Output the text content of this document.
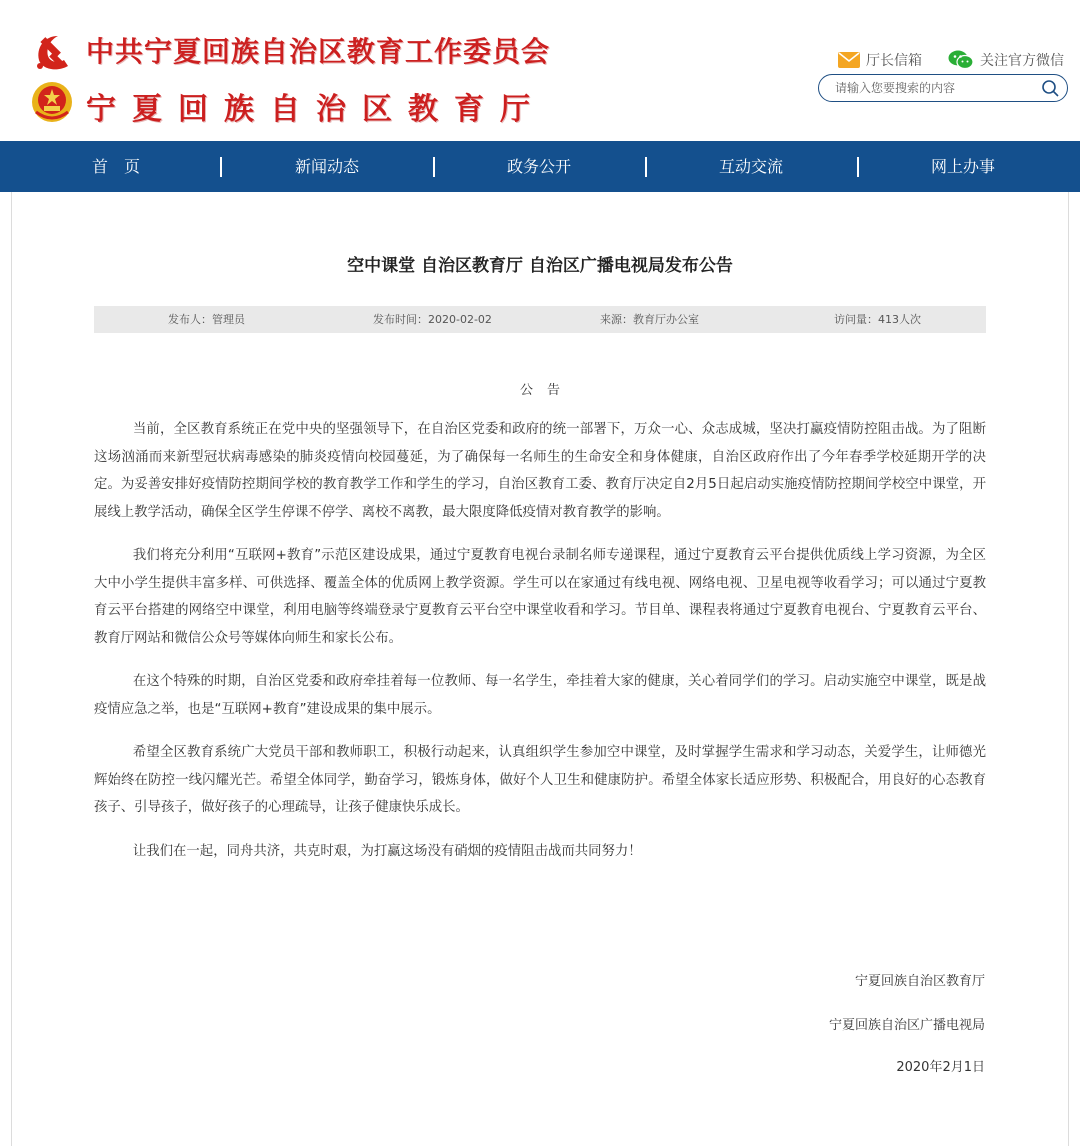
中共宁夏回族自治区教育工作委员会
宁夏回族自治区教育厅
厅长信箱	关注官方微信
请输入您要搜索的内容
首　页	新闻动态	政务公开	互动交流	网上办事
空中课堂 自治区教育厅 自治区广播电视局发布公告
发布人：管理员	发布时间：2020-02-02	来源：教育厅办公室	访问量：413人次
公告

当前，全区教育系统正在党中央的坚强领导下，在自治区党委和政府的统一部署下，万众一心、众志成城，坚决打赢疫情防控阻击战。为了阻断这场汹涌而来新型冠状病毒感染的肺炎疫情向校园蔓延，为了确保每一名师生的生命安全和身体健康，自治区政府作出了今年春季学校延期开学的决定。为妥善安排好疫情防控期间学校的教育教学工作和学生的学习，自治区教育工委、教育厅决定自2月5日起启动实施疫情防控期间学校空中课堂，开展线上教学活动，确保全区学生停课不停学、离校不离教，最大限度降低疫情对教育教学的影响。

我们将充分利用“互联网+教育”示范区建设成果，通过宁夏教育电视台录制名师专递课程，通过宁夏教育云平台提供优质线上学习资源，为全区大中小学生提供丰富多样、可供选择、覆盖全体的优质网上教学资源。学生可以在家通过有线电视、网络电视、卫星电视等收看学习；可以通过宁夏教育云平台搭建的网络空中课堂，利用电脑等终端登录宁夏教育云平台空中课堂收看和学习。节目单、课程表将通过宁夏教育电视台、宁夏教育云平台、教育厅网站和微信公众号等媒体向师生和家长公布。

在这个特殊的时期，自治区党委和政府牵挂着每一位教师、每一名学生，牵挂着大家的健康，关心着同学们的学习。启动实施空中课堂，既是战疫情应急之举，也是“互联网+教育”建设成果的集中展示。

希望全区教育系统广大党员干部和教师职工，积极行动起来，认真组织学生参加空中课堂，及时掌握学生需求和学习动态，关爱学生，让师德光辉始终在防控一线闪耀光芒。希望全体同学，勤奋学习，锻炼身体，做好个人卫生和健康防护。希望全体家长适应形势、积极配合，用良好的心态教育孩子、引导孩子，做好孩子的心理疏导，让孩子健康快乐成长。

让我们在一起，同舟共济，共克时艰，为打赢这场没有硝烟的疫情阻击战而共同努力！

宁夏回族自治区教育厅
宁夏回族自治区广播电视局
2020年2月1日
